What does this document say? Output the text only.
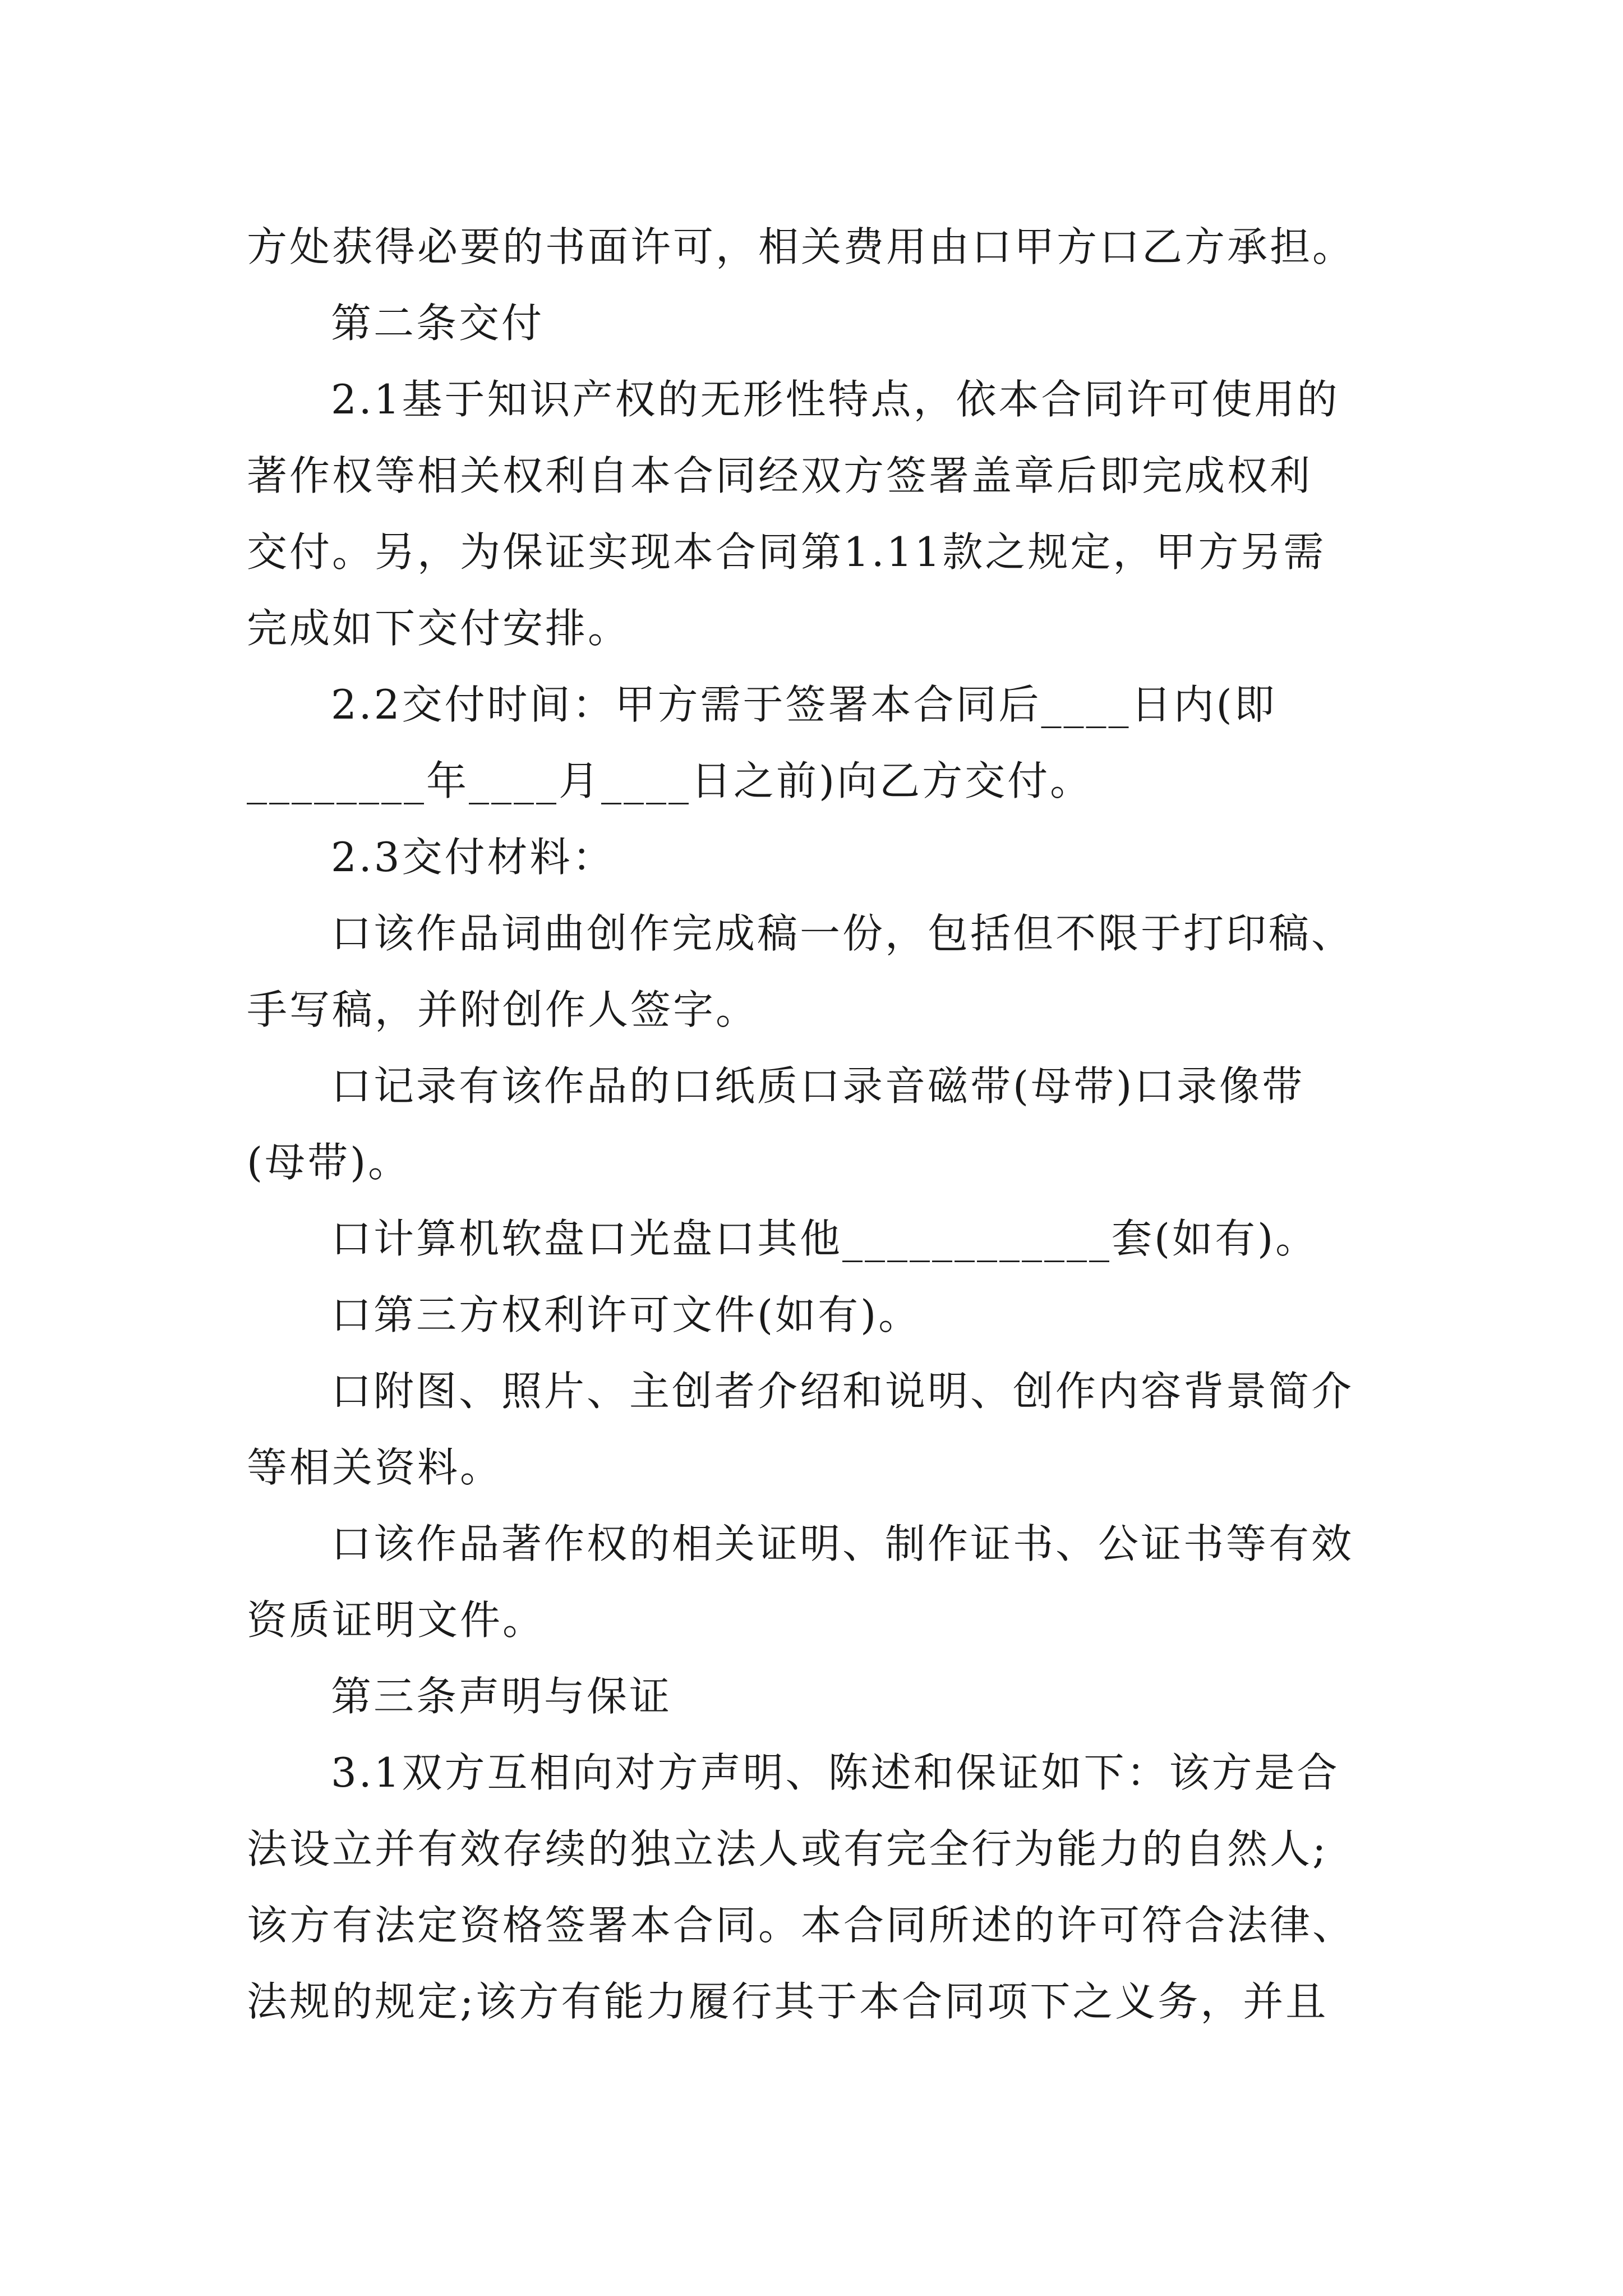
方处获得必要的书面许可，相关费用由口甲方口乙方承担。
第二条交付
2.1基于知识产权的无形性特点，依本合同许可使用的
著作权等相关权利自本合同经双方签署盖章后即完成权利
交付。另，为保证实现本合同第1.11款之规定，甲方另需
完成如下交付安排。
2.2交付时间：甲方需于签署本合同后____日内(即
________年____月____日之前)向乙方交付。
2.3交付材料：
口该作品词曲创作完成稿一份，包括但不限于打印稿、
手写稿，并附创作人签字。
口记录有该作品的口纸质口录音磁带(母带)口录像带
(母带)。
口计算机软盘口光盘口其他____________套(如有)。
口第三方权利许可文件(如有)。
口附图、照片、主创者介绍和说明、创作内容背景简介
等相关资料。
口该作品著作权的相关证明、制作证书、公证书等有效
资质证明文件。
第三条声明与保证
3.1双方互相向对方声明、陈述和保证如下：该方是合
法设立并有效存续的独立法人或有完全行为能力的自然人;
该方有法定资格签署本合同。本合同所述的许可符合法律、
法规的规定;该方有能力履行其于本合同项下之义务，并且
